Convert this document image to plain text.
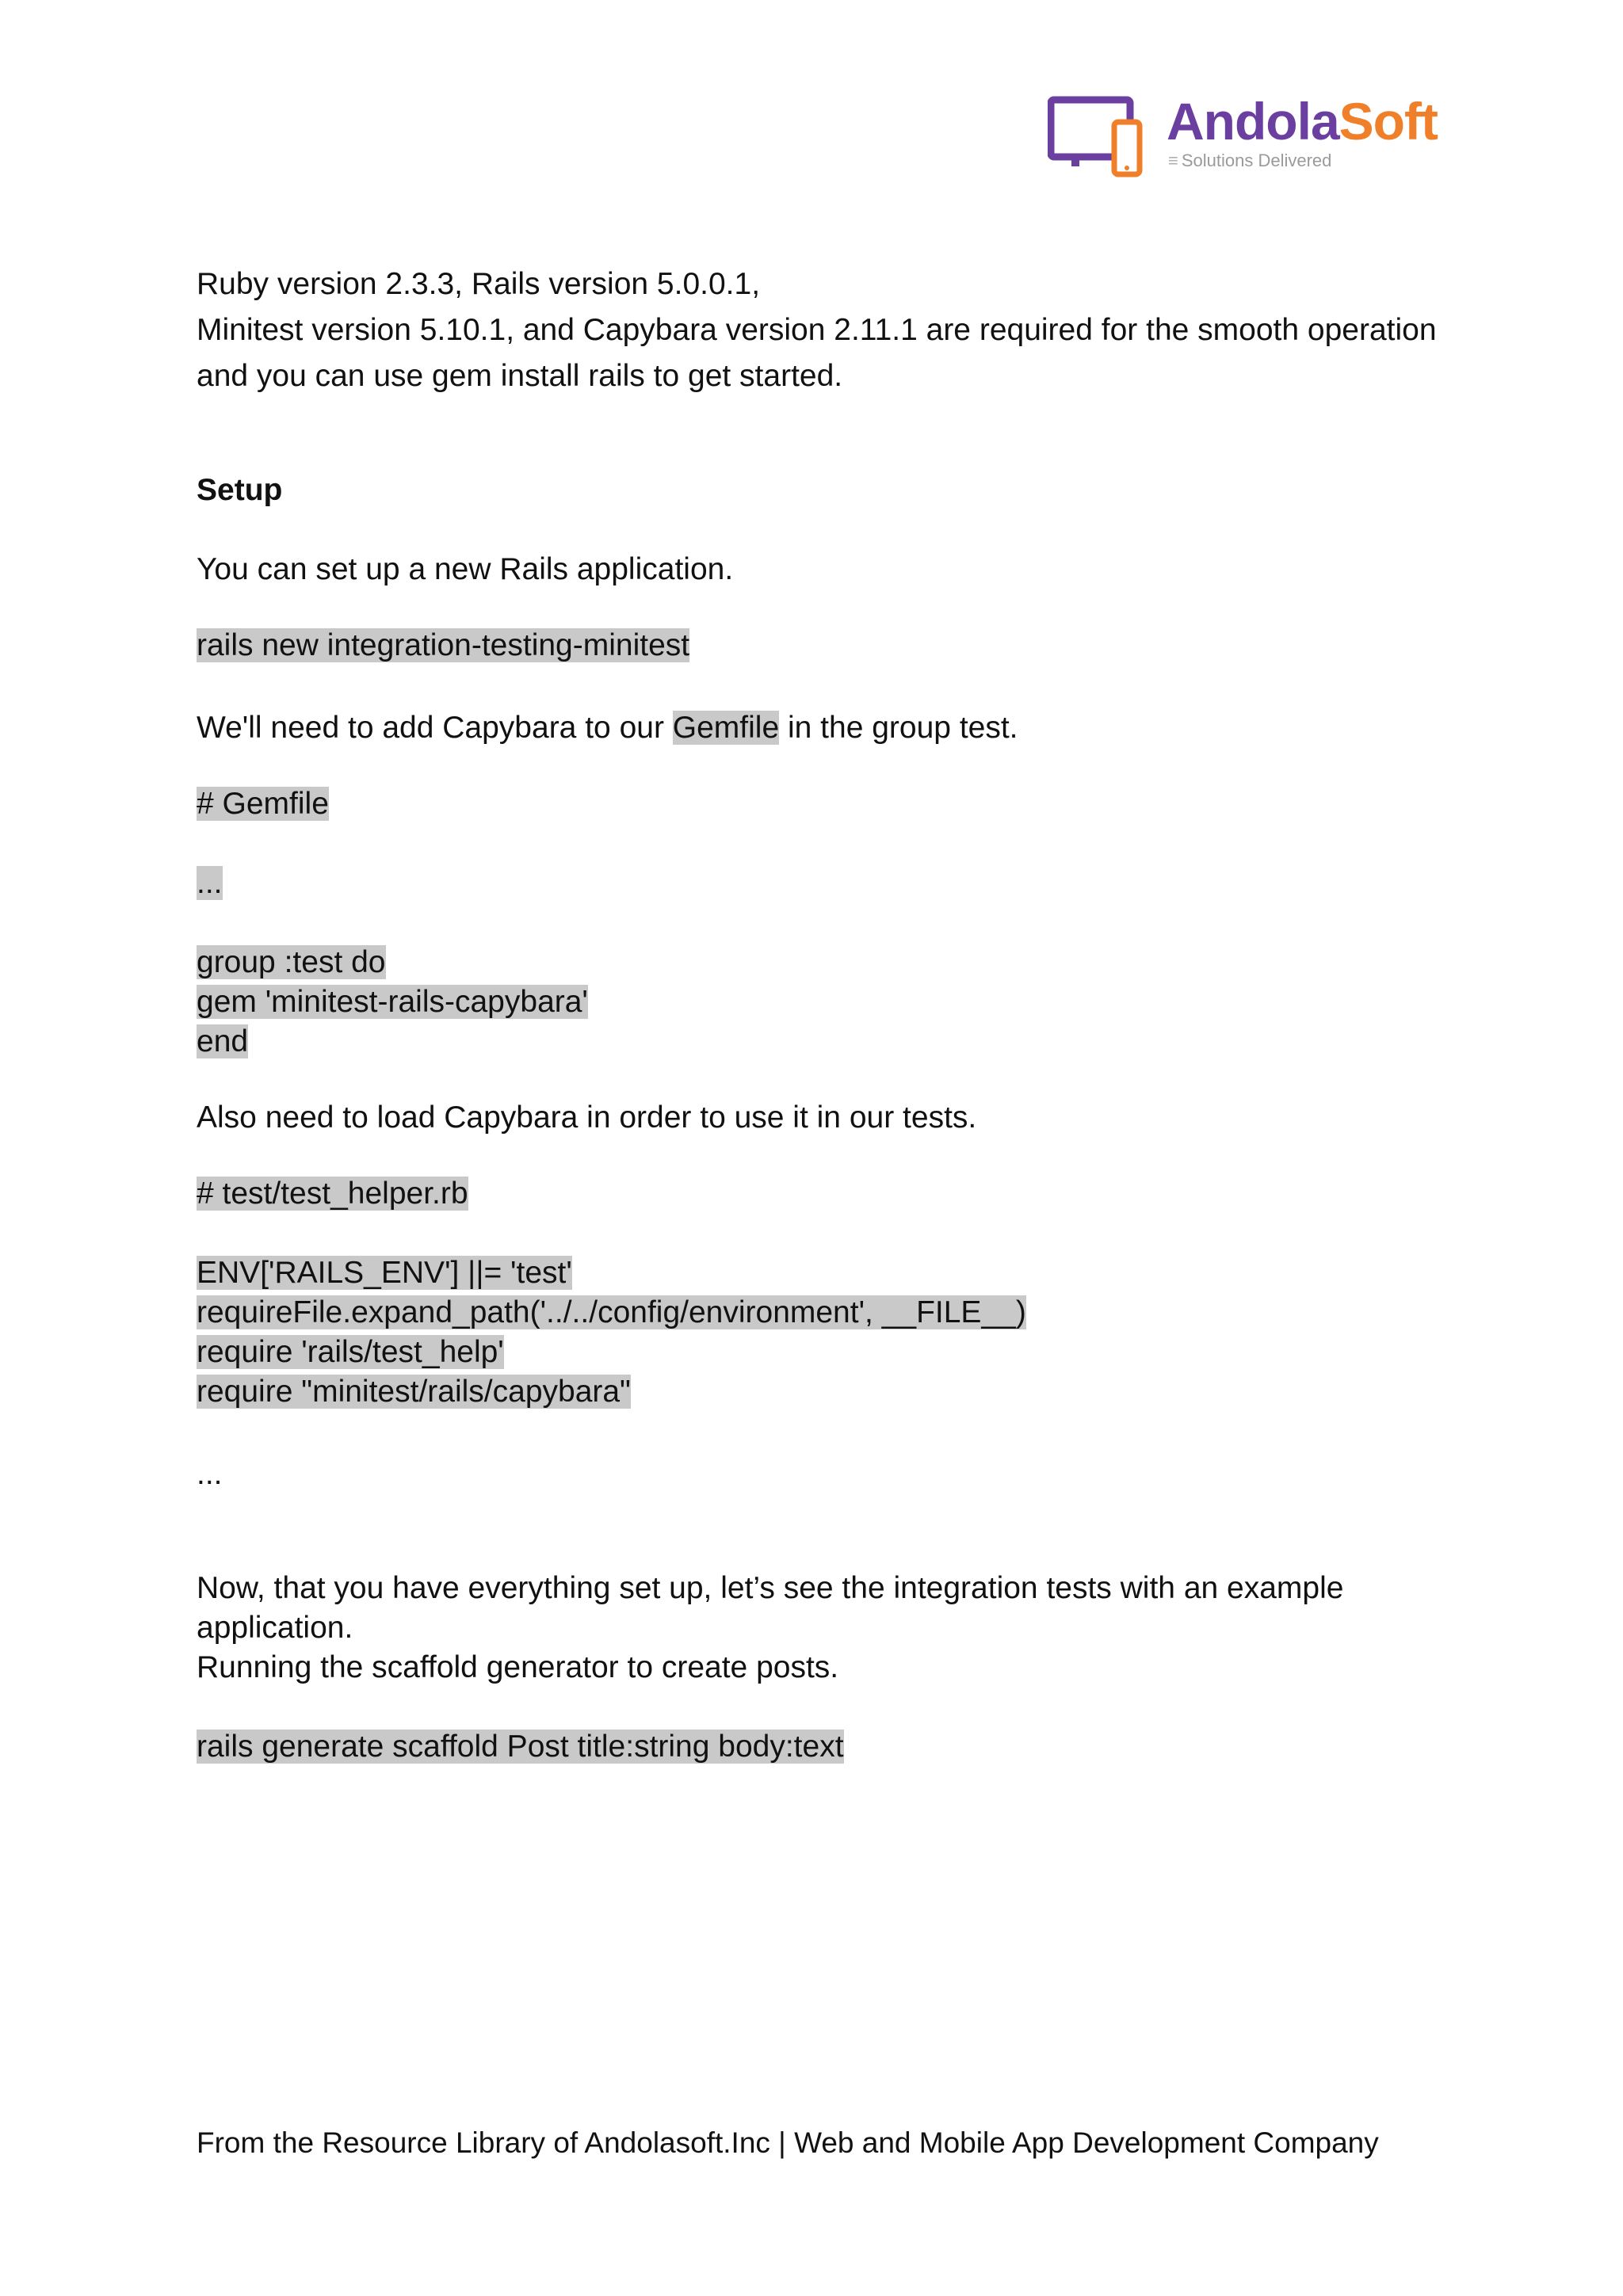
AndolaSoft
≡ Solutions Delivered

Ruby version 2.3.3, Rails version 5.0.0.1,

Minitest version 5.10.1, and Capybara version 2.11.1 are required for the smooth operation

and you can use gem install rails to get started.

Setup

You can set up a new Rails application.

rails new integration-testing-minitest

We'll need to add Capybara to our Gemfile in the group test.

# Gemfile

...

group :test do

gem 'minitest-rails-capybara'

end

Also need to load Capybara in order to use it in our tests.

# test/test_helper.rb

ENV['RAILS_ENV'] ||= 'test'

requireFile.expand_path('../../config/environment', __FILE__)

require 'rails/test_help'

require "minitest/rails/capybara"

...

Now, that you have everything set up, let’s see the integration tests with an example application.

Running the scaffold generator to create posts.

rails generate scaffold Post title:string body:text

From the Resource Library of Andolasoft.Inc | Web and Mobile App Development Company
